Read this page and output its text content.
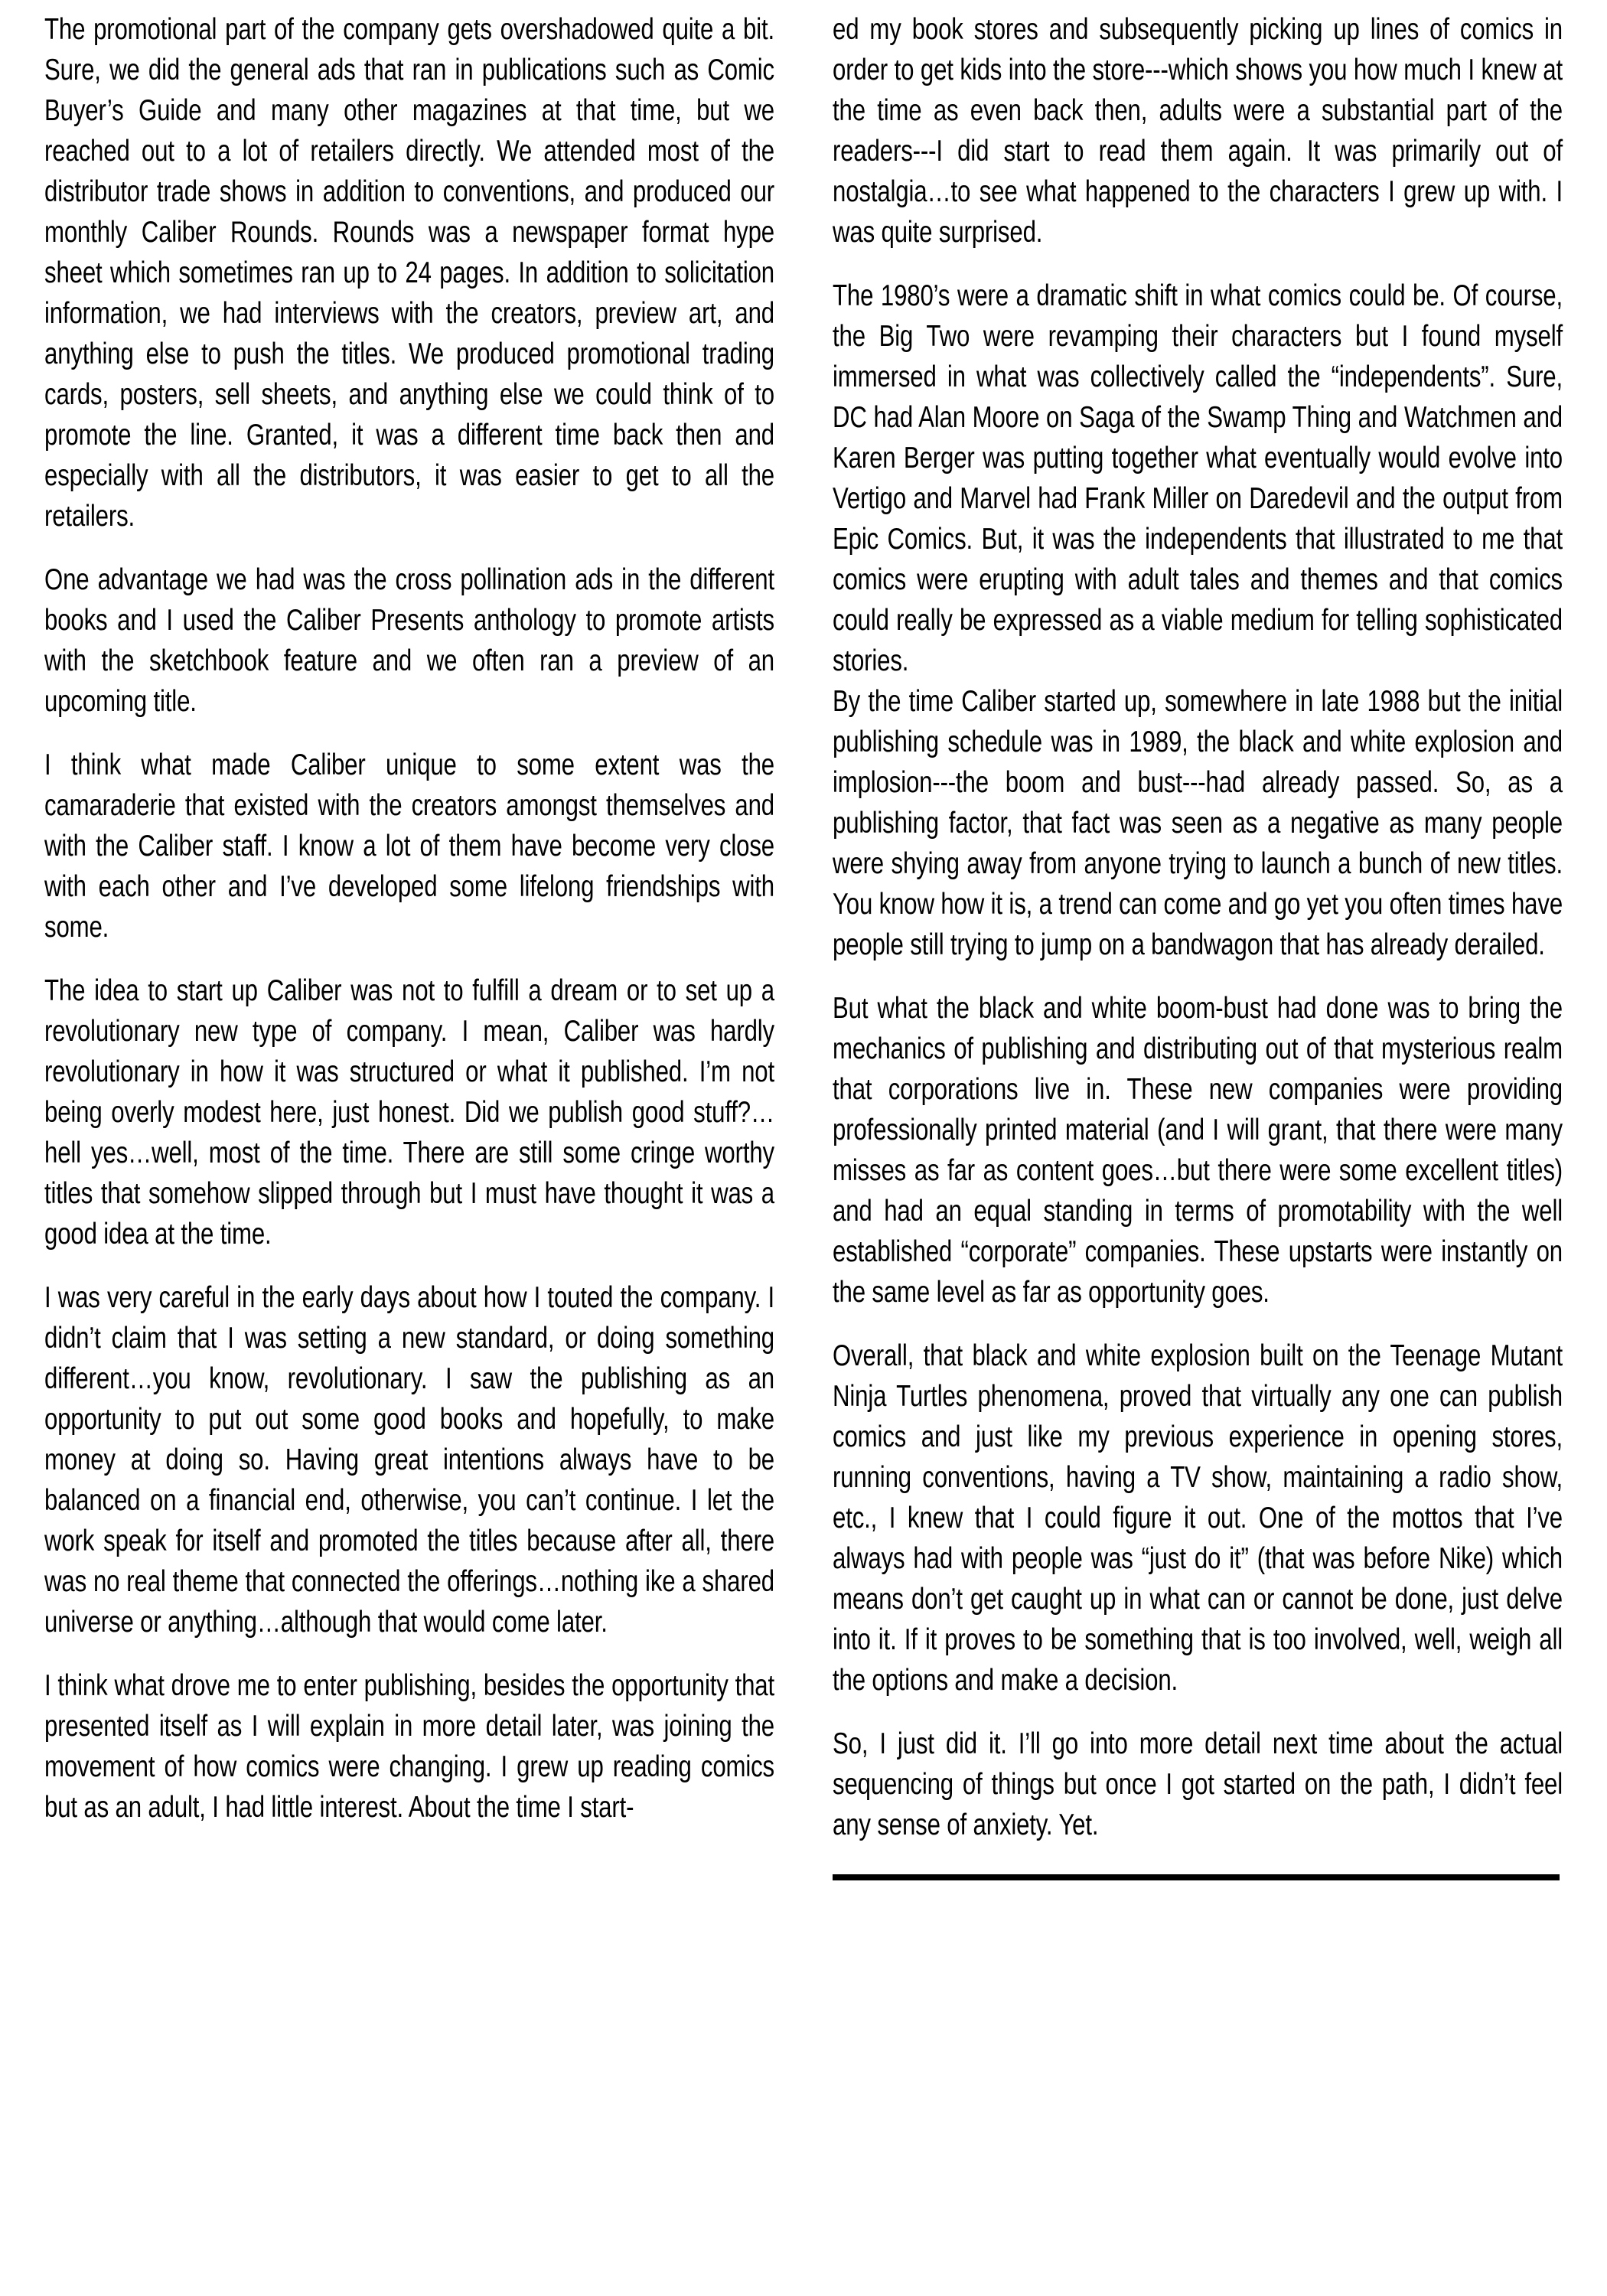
The promotional part of the company gets overshadowed quite a bit. Sure, we did the general ads that ran in publications such as Comic Buyer’s Guide and many other magazines at that time, but we reached out to a lot of retailers directly. We attended most of the distributor trade shows in addition to conventions, and produced our monthly Caliber Rounds. Rounds was a newspaper format hype sheet which sometimes ran up to 24 pages. In addition to solicitation information, we had interviews with the creators, preview art, and anything else to push the titles. We produced promotional trading cards, posters, sell sheets, and anything else we could think of to promote the line. Granted, it was a different time back then and especially with all the distributors, it was easier to get to all the retailers.

One advantage we had was the cross pollination ads in the different books and I used the Caliber Presents anthology to promote artists with the sketchbook feature and we often ran a preview of an upcoming title.

I think what made Caliber unique to some extent was the camaraderie that existed with the creators amongst themselves and with the Caliber staff. I know a lot of them have become very close with each other and I’ve developed some lifelong friendships with some.

The idea to start up Caliber was not to fulfill a dream or to set up a revolutionary new type of company. I mean, Caliber was hardly revolutionary in how it was structured or what it published. I’m not being overly modest here, just honest. Did we publish good stuff?…hell yes…well, most of the time. There are still some cringe worthy titles that somehow slipped through but I must have thought it was a good idea at the time.

I was very careful in the early days about how I touted the company. I didn’t claim that I was setting a new standard, or doing something different…you know, revolutionary. I saw the publishing as an opportunity to put out some good books and hopefully, to make money at doing so. Having great intentions always have to be balanced on a financial end, otherwise, you can’t continue. I let the work speak for itself and promoted the titles because after all, there was no real theme that connected the offerings…nothing ike a shared universe or anything…although that would come later.

I think what drove me to enter publishing, besides the opportunity that presented itself as I will explain in more detail later, was joining the movement of how comics were changing. I grew up reading comics but as an adult, I had little interest. About the time I start-

ed my book stores and subsequently picking up lines of comics in order to get kids into the store---which shows you how much I knew at the time as even back then, adults were a substantial part of the readers---I did start to read them again. It was primarily out of nostalgia…to see what happened to the characters I grew up with. I was quite surprised.

The 1980’s were a dramatic shift in what comics could be. Of course, the Big Two were revamping their characters but I found myself immersed in what was collectively called the “independents”. Sure, DC had Alan Moore on Saga of the Swamp Thing and Watchmen and Karen Berger was putting together what eventually would evolve into Vertigo and Marvel had Frank Miller on Daredevil and the output from Epic Comics. But, it was the independents that illustrated to me that comics were erupting with adult tales and themes and that comics could really be expressed as a viable medium for telling sophisticated stories.

By the time Caliber started up, somewhere in late 1988 but the initial publishing schedule was in 1989, the black and white explosion and implosion---the boom and bust---had already passed. So, as a publishing factor, that fact was seen as a negative as many people were shying away from anyone trying to launch a bunch of new titles. You know how it is, a trend can come and go yet you often times have people still trying to jump on a bandwagon that has already derailed.

But what the black and white boom-bust had done was to bring the mechanics of publishing and distributing out of that mysterious realm that corporations live in. These new companies were providing professionally printed material (and I will grant, that there were many misses as far as content goes…but there were some excellent titles) and had an equal standing in terms of promotability with the well established “corporate” companies. These upstarts were instantly on the same level as far as opportunity goes.

Overall, that black and white explosion built on the Teenage Mutant Ninja Turtles phenomena, proved that virtually any one can publish comics and just like my previous experience in opening stores, running conventions, having a TV show, maintaining a radio show, etc., I knew that I could figure it out. One of the mottos that I’ve always had with people was “just do it” (that was before Nike) which means don’t get caught up in what can or cannot be done, just delve into it. If it proves to be something that is too involved, well, weigh all the options and make a decision.

So, I just did it. I’ll go into more detail next time about the actual sequencing of things but once I got started on the path, I didn’t feel any sense of anxiety. Yet.
